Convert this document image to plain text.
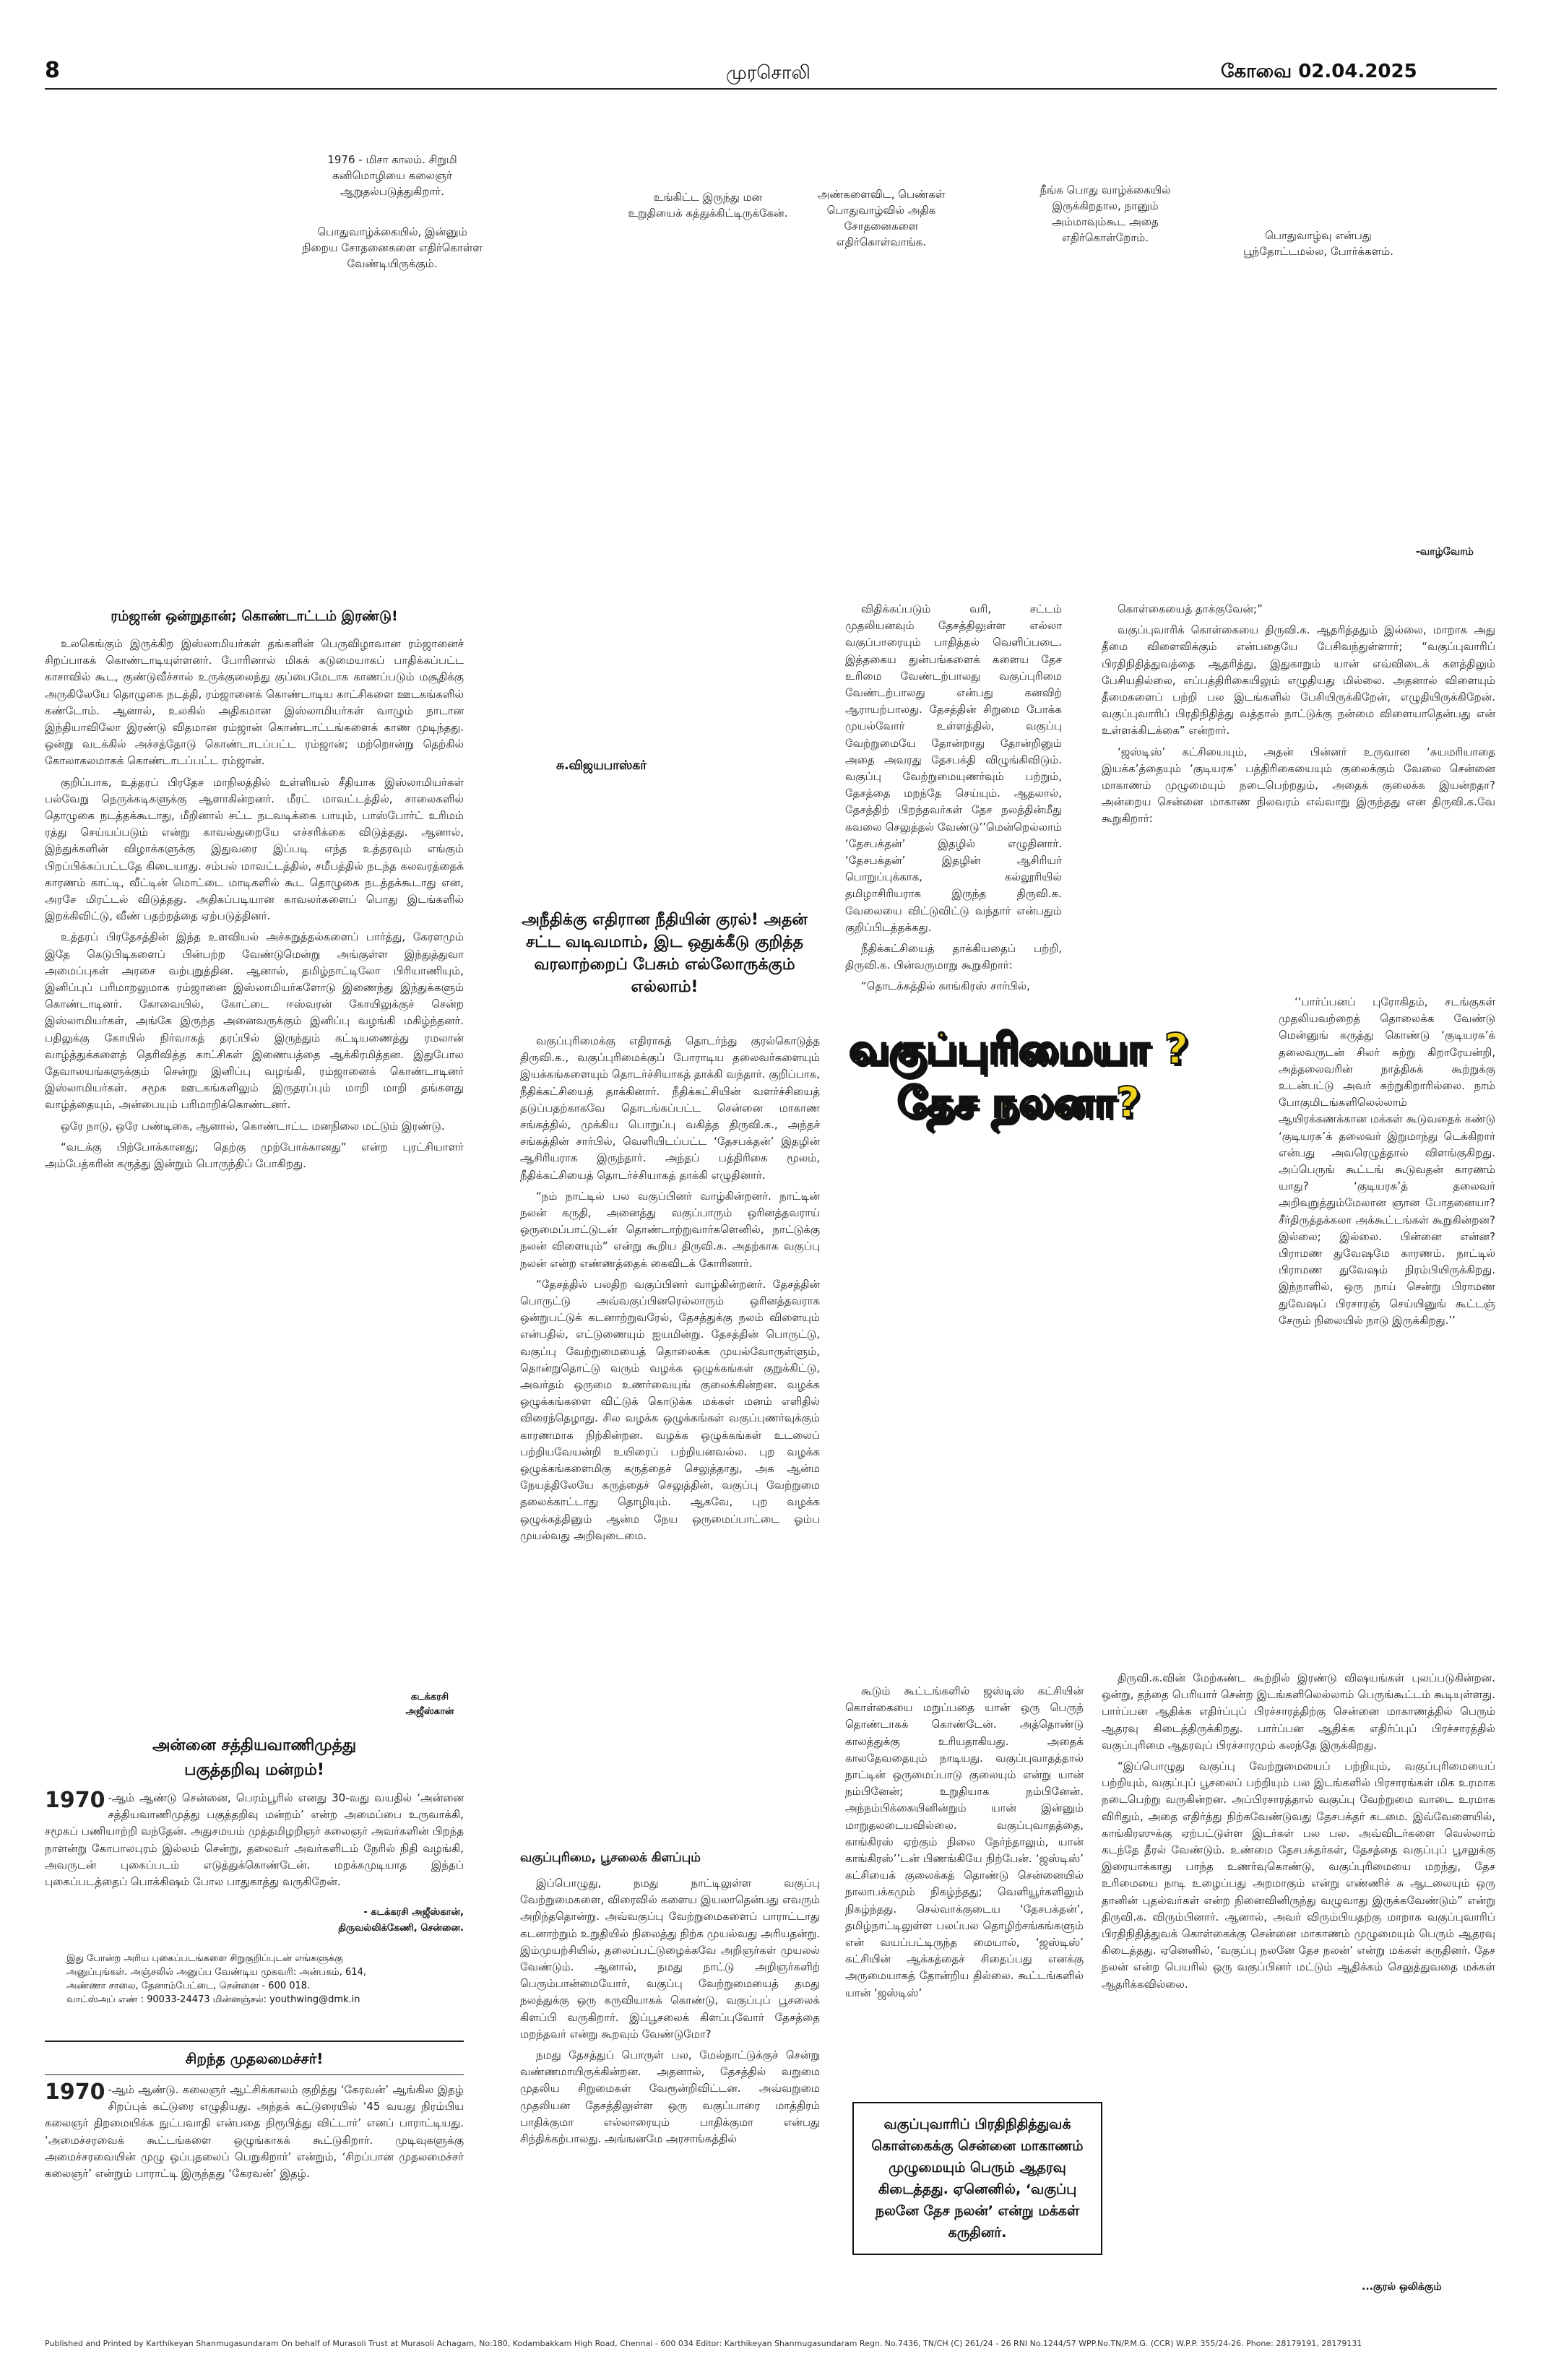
8	முரசொலி	கோவை 02.04.2025
1976 - மிசா காலம். சிறுமி கனிமொழியை கலைஞர் ஆறுதல்படுத்துகிறார்.
பொதுவாழ்க்கையில், இன்னும் நிறைய சோதனைகளை எதிர்கொள்ள வேண்டியிருக்கும்.
உங்கிட்ட இருந்து மன உறுதியைக் கத்துக்கிட்டிருக்கேன்.
அண்களைவிட, பெண்கள் பொதுவாழ்வில் அதிக சோதனைகளை எதிர்கொள்வாங்க.
நீங்க பொது வாழ்க்கையில் இருக்கிறதால, நானும் அம்மாவும்கூட அதை எதிர்கொள்றோம்.	பொதுவாழ்வு என்பது பூந்தோட்டமல்ல, போர்க்களம்.
-வாழ்வோம்
ரம்ஜான் ஒன்றுதான்; கொண்டாட்டம் இரண்டு!

உலகெங்கும் இருக்கிற இஸ்லாமியர்கள் தங்களின் பெருவிழாவான ரம்ஜானைச் சிறப்பாகக் கொண்டாடியுள்ளனர். போரினால் மிகக் கடுமையாகப் பாதிக்கப்பட்ட காசாவில் கூட, குண்டுவீச்சால் உருக்குலைந்து குப்பைமேடாக காணப்படும் மசூதிக்கு அருகிலேயே தொழுகை நடத்தி, ரம்ஜானைக் கொண்டாடிய காட்சிகளை ஊடகங்களில் கண்டோம். ஆனால், உலகில் அதிகமான இஸ்லாமியர்கள் வாழும் நாடான இந்தியாவிலோ இரண்டு விதமான ரம்ஜான் கொண்டாட்டங்களைக் காண முடிந்தது. ஒன்று வடக்கில் அச்சத்தோடு கொண்டாடப்பட்ட ரம்ஜான்; மற்றொன்று தெற்கில் கோலாகலமாகக் கொண்டாடப்பட்ட ரம்ஜான்.

குறிப்பாக, உத்தரப் பிரதேச மாநிலத்தில் உள்ளியல் சீதியாக இஸ்லாமியர்கள் பல்வேறு நெருக்கடிகளுக்கு ஆளாகின்றனர். மீரட் மாவட்டத்தில், சாலைகளில் தொழுகை நடத்தக்கூடாது, மீறினால் சட்ட நடவடிக்கை பாயும், பாஸ்போர்ட் உரிமம் ரத்து செய்யப்படும் என்று காவல்துறையே எச்சரிக்கை விடுத்தது. ஆனால், இந்துக்களின் விழாக்களுக்கு இதுவரை இப்படி எந்த உத்தரவும் எங்கும் பிறப்பிக்கப்பட்டதே கிடையாது. சம்பல் மாவட்டத்தில், சமீபத்தில் நடந்த கலவரத்தைக் காரணம் காட்டி, வீட்டின் மொட்டை மாடிகளில் கூட தொழுகை நடத்தக்கூடாது என, அரசே மிரட்டல் விடுத்தது. அதிகப்படியான காவலர்களைப் பொது இடங்களில் இறக்கிவிட்டு, வீண் பதற்றத்தை ஏற்படுத்தினர்.

உத்தரப் பிரதேசத்தின் இந்த உளவியல் அச்சுறுத்தல்களைப் பார்த்து, கேரளமும் இதே கெடுபிடிகளைப் பின்பற்ற வேண்டுமென்று அங்குள்ள இந்துத்துவா அமைப்புகள் அரசை வற்புறுத்தின. ஆனால், தமிழ்நாட்டிலோ பிரியாணியும், இனிப்புப் பரிமாறலுமாக ரம்ஜானை இஸ்லாமியர்களோடு இணைந்து இந்துக்களும் கொண்டாடினர். கோவையில், கோட்டை ஈஸ்வரன் கோயிலுக்குச் சென்ற இஸ்லாமியர்கள், அங்கே இருந்த அனைவருக்கும் இனிப்பு வழங்கி மகிழ்ந்தனர். பதிலுக்கு கோயில் நிர்வாகத் தரப்பில் இருந்தும் கட்டியணைத்து ரமலான் வாழ்த்துக்களைத் தெரிவித்த காட்சிகள் இணையத்தை ஆக்கிரமித்தன. இதுபோல தேவாலயங்களுக்கும் சென்று இனிப்பு வழங்கி, ரம்ஜானைக் கொண்டாடினர் இஸ்லாமியர்கள். சமூக ஊடகங்களிலும் இருதரப்பும் மாறி மாறி தங்களது வாழ்த்தையும், அன்பையும் பரிமாறிக்கொண்டனர்.

ஒரே நாடு, ஒரே பண்டிகை, ஆனால், கொண்டாட்ட மனநிலை மட்டும் இரண்டு.

“வடக்கு பிற்போக்கானது; தெற்கு முற்போக்கானது” என்ற புரட்சியாளர் அம்பேத்கரின் கருத்து இன்றும் பொருந்திப் போகிறது.

கடக்கரசி
அஜீஸ்கான்
அன்னை சத்தியவாணிமுத்து
பகுத்தறிவு மன்றம்!
1970 -ஆம் ஆண்டு சென்னை, பெரம்பூரில் எனது 30-வது வயதில் ‘அன்னை சத்தியவாணிமுத்து பகுத்தறிவு மன்றம்’ என்ற அமைப்பை உருவாக்கி, சமூகப் பணியாற்றி வந்தேன். அதுசமயம் முத்தமிழறிஞர் கலைஞர் அவர்களின் பிறந்த நாளன்று கோபாலபுரம் இல்லம் சென்று, தலைவர் அவர்களிடம் நேரில் நிதி வழங்கி, அவருடன் புகைப்படம் எடுத்துக்கொண்டேன். மறக்கமுடியாத இந்தப் புகைப்படத்தைப் பொக்கிஷம் போல பாதுகாத்து வருகிறேன்.
- கடக்கரசி அஜீஸ்கான்,
திருவல்லிக்கேணி, சென்னை.
இது போன்ற அரிய புகைப்படங்களை சிறுகுறிப்புடன் எங்களுக்கு அனுப்புங்கள். அஞ்சலில் அனுப்ப வேண்டிய முகவரி: அன்பகம், 614, அண்ணா சாலை, தேனாம்பேட்டை, சென்னை - 600 018.
வாட்ஸ்அப் எண் : 90033-24473 மின்னஞ்சல்: youthwing@dmk.in
சிறந்த முதலமைச்சர்!
1970 -ஆம் ஆண்டு. கலைஞர் ஆட்சிக்காலம் குறித்து ‘கேரவன்’ ஆங்கில இதழ் சிறப்புக் கட்டுரை எழுதியது. அந்தக் கட்டுரையில் ‘45 வயது நிரம்பிய கலைஞர் திறமையிக்க நுட்பவாதி என்பதை நிரூபித்து விட்டார்’ எனப் பாராட்டியது. ‘அமைச்சரவைக் கூட்டங்களை ஒழுங்காகக் கூட்டுகிறார். முடிவுகளுக்கு அமைச்சரவையின் முழு ஒப்புதலைப் பெறுகிறார்’ என்றும், ‘சிறப்பான முதலமைச்சர் கலைஞர்’ என்றும் பாராட்டி இருந்தது ‘கேரவன்’ இதழ்.
சு.விஜயபாஸ்கர்
அநீதிக்கு எதிரான நீதியின் குரல்! அதன் சட்ட வடிவமாம், இட ஒதுக்கீடு குறித்த வரலாற்றைப் பேசும் எல்லோருக்கும் எல்லாம்!
வகுப்புரிமையா ?
தேச நலனா?

வகுப்புரிமைக்கு எதிராகத் தொடர்ந்து குரல்கொடுத்த திருவி.க., வகுப்புரிமைக்குப் போராடிய தலைவர்களையும் இயக்கங்களையும் தொடர்ச்சியாகத் தாக்கி வந்தார். குறிப்பாக, நீதிக்கட்சியைத் தாக்கினார். நீதிக்கட்சியின் வளர்ச்சியைத் தடுப்பதற்காகவே தொடங்கப்பட்ட சென்னை மாகாண சங்கத்தில், முக்கிய பொறுப்பு வகித்த திருவி.க., அந்தச் சங்கத்தின் சார்பில், வெளியிடப்பட்ட ‘தேசபக்தன்’ இதழின் ஆசிரியராக இருந்தார். அந்தப் பத்திரிகை மூலம், நீதிக்கட்சியைத் தொடர்ச்சியாகத் தாக்கி எழுதினார்.

“நம் நாட்டில் பல வகுப்பினர் வாழ்கின்றனர். நாட்டின் நலன் கருதி, அனைத்து வகுப்பாரும் ஒரினத்தவராய் ஒருமைப்பாட்டுடன் தொண்டாற்றுவார்களெனில், நாட்டுக்கு நலன் விளையும்” என்று கூறிய திருவி.க. அதற்காக வகுப்பு நலன் என்ற எண்ணத்தைக் கைவிடக் கோரினார்.

“தேசத்தில் பலதிற வகுப்பினர் வாழ்கின்றனர். தேசத்தின் பொருட்டு அவ்வகுப்பினரெல்லாரும் ஒரினத்தவராக ஒன்றுபட்டுக் கடனாற்றுவரேல், தேசத்துக்கு நலம் விளையும் என்பதில், எட்டுணையும் ஐயமின்று. தேசத்தின் பொருட்டு, வகுப்பு வேற்றுமையைத் தொலைக்க முயல்வோருள்ளும், தொன்றுதொட்டு வரும் வழக்க ஒழுக்கங்கள் குறுக்கிட்டு, அவர்தம் ஒருமை உணர்வையுங் குலைக்கின்றன. வழக்க ஒழுக்கங்களை விட்டுக் கொடுக்க மக்கள் மனம் எளிதில் விரைந்தெழாது. சில வழக்க ஒழுக்கங்கள் வகுப்புணர்வுக்கும் காரணமாக நிற்கின்றன. வழக்க ஒழுக்கங்கள் உடலைப் பற்றியவேயன்றி உயிரைப் பற்றியனவல்ல. புற வழக்க ஒழுக்கங்களைமிகு கருத்தைச் செலுத்தாது, அக ஆன்ம நேயத்திலேயே கருத்தைச் செலுத்தின், வகுப்பு வேற்றுமை தலைக்காட்டாது தொழியும். ஆகவே, புற வழக்க ஒழுக்கத்தினும் ஆன்ம நேய ஒருமைப்பாட்டை ஓம்ப முயல்வது அறிவுடைமை.

வகுப்புரிமை, பூசலைக் கிளப்பும்

இப்பொழுது, நமது நாட்டிலுள்ள வகுப்பு வேற்றுமைகளை, விரைவில் களைய இயலாதென்பது எவரும் அறிந்ததொன்று. அவ்வகுப்பு வேற்றுமைகளைப் பாராட்டாது கடனாற்றும் உறுதியில் நிலைத்து நிற்க முயல்வது அரியதன்று. இம்முயற்சியில், தலைப்பட்டுழைக்கவே அறிஞர்கள் முயலல் வேண்டும். ஆனால், நமது நாட்டு அறிஞர்களிற் பெரும்பான்மையோர், வகுப்பு வேற்றுமையைத் தமது நலத்துக்கு ஒரு கருவியாகக் கொண்டு, வகுப்புப் பூசலைக் கிளப்பி வருகிறார். இப்பூசலைக் கிளப்புவோர் தேசத்தை மறந்தவர் என்று கூறவும் வேண்டுமோ?

நமது தேசத்துப் பொருள் பல, மேல்நாட்டுக்குச் சென்று வண்ணமாயிருக்கின்றன. அதனால், தேசத்தில் வறுமை முதலிய சிறுமைகள் வேரூன்றிவிட்டன. அவ்வறுமை முதலியன தேசத்திலுள்ள ஒரு வகுப்பாரை மாத்திரம் பாதிக்குமா எல்லாரையும் பாதிக்குமா என்பது சிந்திக்கற்பாலது. அங்ஙனமே அரசாங்கத்தில்

விதிக்கப்படும் வரி, சட்டம் முதலியனவும் தேசத்திலுள்ள எல்லா வகுப்பாரையும் பாதித்தல் வெளிப்படை. இத்தகைய துன்பங்களைக் களைய தேச உரிமை வேண்டற்பாலது வகுப்புரிமை வேண்டற்பாலது என்பது கனவிற் ஆராயற்பாலது. தேசத்தின் சிறுமை போக்க முயல்வோர் உள்ளத்தில், வகுப்பு வேற்றுமையே தோன்றாது தோன்றினும் அதை அவரது தேசபக்தி விழுங்கிவிடும். வகுப்பு வேற்றுமையுணர்வும் பற்றும், தேசத்தை மறந்தே செய்யும். ஆதலால், தேசத்திற் பிறந்தவர்கள் தேச நலத்தின்மீது கவலை செலுத்தல் வேண்டு’’மென்றெல்லாம் ‘தேசபக்தன்’ இதழில் எழுதினார். ‘தேசபக்தன்’ இதழின் ஆசிரியர் பொறுப்புக்காக, கல்லூரியில் தமிழாசிரியராக இருந்த திருவி.க. வேலையை விட்டுவிட்டு வந்தார் என்பதும் குறிப்பிடத்தக்கது.

நீதிக்கட்சியைத் தாக்கியதைப் பற்றி, திருவி.க. பின்வருமாறு கூறுகிறார்:

“தொடக்கத்தில் காங்கிரஸ் சார்பில்,

கூடும் கூட்டங்களில் ஜஸ்டிஸ் கட்சியின் கொள்கையை மறுப்பதை யான் ஒரு பெருந் தொண்டாகக் கொண்டேன். அத்தொண்டு காலத்துக்கு உரியதாகியது. அதைக் காலதேவதையும் நாடியது. வகுப்புவாதத்தால் நாட்டின் ஒருமைப்பாடு குலையும் என்று யான் நம்பினேன்; உறுதியாக நம்பினேன். அந்நம்பிக்கையினின்றும் யான் இன்னும் மாறுதலடையவில்லை. வகுப்புவாதத்தை, காங்கிரஸ் ஏற்கும் நிலை நேர்ந்தாலும், யான் காங்கிரஸ்’’டன் பிணங்கியே நிற்பேன். ‘ஜஸ்டிஸ்’ கட்சியைக் குலைக்கத் தொண்டு சென்னையில் நாலாபக்கமும் நிகழ்ந்தது; வெளியூர்களிலும் நிகழ்ந்தது. செல்வாக்குடைய ‘தேசபக்தன்’, தமிழ்நாட்டிலுள்ள பலப்பல தொழிற்சங்கங்களும் என் வயப்பட்டிருந்த மையால், ‘ஜஸ்டிஸ்’ கட்சியின் ஆக்கத்தைச் சிதைப்பது எனக்கு அருமையாகத் தோன்றிய தில்லை. கூட்டங்களில் யான் ‘ஜஸ்டிஸ்’

வகுப்புவாரிப் பிரதிநிதித்துவக் கொள்கைக்கு சென்னை மாகாணம் முழுமையும் பெரும் ஆதரவு கிடைத்தது. ஏனெனில், ‘வகுப்பு நலனே தேச நலன்’ என்று மக்கள் கருதினர்.

கொள்கையைத் தாக்குவேன்;”

வகுப்புவாரிக் கொள்கையை திருவி.க. ஆதரித்ததும் இல்லை, மாறாக அது தீமை விளைவிக்கும் என்பதையே பேசிவந்துள்ளார்; “வகுப்புவாரிப் பிரதிநிதித்துவத்தை ஆதரித்து, இதுகாறும் யான் எவ்விடைக் களத்திலும் பேசியதில்லை, எப்பத்திரிகையிலும் எழுதியது மில்லை. அதனால் விளையும் தீமைகளைப் பற்றி பல இடங்களில் பேசியிருக்கிறேன், எழுதியிருக்கிறேன். வகுப்புவாரிப் பிரதிநிதித்து வத்தால் நாட்டுக்கு நன்மை விளையாதென்பது என் உள்ளக்கிடக்கை” என்றார்.

‘ஜஸ்டிஸ்’ கட்சியையும், அதன் பின்னர் உருவான ‘சுயமரியாதை இயக்க’த்தையும் ‘குடியரசு’ பத்திரிகையையும் குலைக்கும் வேலை சென்னை மாகாணம் முழுமையும் நடைபெற்றதும், அதைக் குலைக்க இயன்றதா? அன்றைய சென்னை மாகாண நிலவரம் எவ்வாறு இருந்தது என திருவி.க.வே கூறுகிறார்:

‘‘பார்ப்பனப் புரோகிதம், சடங்குகள் முதலியவற்றைத் தொலைக்க வேண்டு மென்னுங் கருத்து கொண்டு ‘குடியரசு’க் தலைவருடன் சிலர் சுற்று கிறாரேயன்றி, அத்தலைவரின் நாத்திகக் கூற்றுக்கு உடன்பட்டு அவர் சுற்றுகிறாரில்லை. நாம் போகுமிடங்களிலெல்லாம் ஆயிரக்கணக்கான மக்கள் கூடுவதைக் கண்டு ‘குடியரசு’க் தலைவர் இறுமாந்து டெக்கிறார் என்பது அவரெழுத்தால் விளங்குகிறது. அப்பெருங் கூட்டங் கூடுவதன் காரணம் யாது? ‘குடியரசு’த் தலைவர் அறிவுறுத்தும்மேலான ஞான போதனையா? சீர்திருத்தக்கலா அக்கூட்டங்கள் கூறுகின்றன? இல்லை; இல்லை. பின்னை என்ன? பிராமண துவேஷமே காரணம். நாட்டில் பிராமண துவேஷம் நிரம்பியிருக்கிறது. இந்நாளில், ஒரு நாய் சென்று பிராமண துவேஷப் பிரசாரஞ் செய்யினுங் கூட்டஞ் சேரும் நிலையில் நாடு இருக்கிறது.’’

திருவி.க.வின் மேற்கண்ட கூற்றில் இரண்டு விஷயங்கள் புலப்படுகின்றன. ஒன்று, தந்தை பெரியார் சென்ற இடங்களிலெல்லாம் பெருங்கூட்டம் கூடியுள்ளது. பார்ப்பன ஆதிக்க எதிர்ப்புப் பிரச்சாரத்திற்கு சென்னை மாகாணத்தில் பெரும் ஆதரவு கிடைத்திருக்கிறது. பார்ப்பன ஆதிக்க எதிர்ப்புப் பிரச்சாரத்தில் வகுப்புரிமை ஆதரவுப் பிரச்சாரமும் கலந்தே இருக்கிறது.

“இப்பொழுது வகுப்பு வேற்றுமையைப் பற்றியும், வகுப்புரிமையைப் பற்றியும், வகுப்புப் பூசலைப் பற்றியும் பல இடங்களில் பிரசாரங்கள் மிக உரமாக நடைபெற்று வருகின்றன. அப்பிரசாரத்தால் வகுப்பு வேற்றுமை வாடை உரமாக விரிதும், அதை எதிர்த்து நிற்கவேண்டுவது தேசபக்தர் கடமை. இவ்வேளையில், காங்கிரஸுக்கு ஏற்பட்டுள்ள இடர்கள் பல பல. அவ்விடர்களை வெல்லாம் கடந்தே தீரல் வேண்டும். உண்மை தேசபக்தர்கள், தேசத்தை வகுப்புப் பூசலுக்கு இரையாக்காது பாந்த உணர்வுகொண்டு, வகுப்புரிமையை மறந்து, தேச உரிமையை நாடி உழைப்பது அறமாகும் என்று எண்ணிச் சு ஆடலையும் ஒரு தானின் புதல்வர்கள் என்ற நினைவினிருந்து வழுவாது இருக்கவேண்டும்” என்று திருவி.க. விரும்பினார். ஆனால், அவர் விரும்பியதற்கு மாறாக வகுப்புவாரிப் பிரதிநிதித்துவக் கொள்கைக்கு சென்னை மாகாணம் முழுமையும் பெரும் ஆதரவு கிடைத்தது. ஏனெனில், ‘வகுப்பு நலனே தேச நலன்’ என்று மக்கள் கருதினர். தேச நலன் என்ற பெயரில் ஒரு வகுப்பினர் மட்டும் ஆதிக்கம் செலுத்துவதை மக்கள் ஆதரிக்கவில்லை.

...குரல் ஒலிக்கும்
Published and Printed by Karthikeyan Shanmugasundaram On behalf of Murasoli Trust at Murasoli Achagam, No:180, Kodambakkam High Road, Chennai - 600 034 Editor: Karthikeyan Shanmugasundaram Regn. No.7436, TN/CH (C) 261/24 - 26 RNI No.1244/57 WPP.No.TN/P.M.G. (CCR) W.P.P. 355/24-26. Phone: 28179191, 28179131
